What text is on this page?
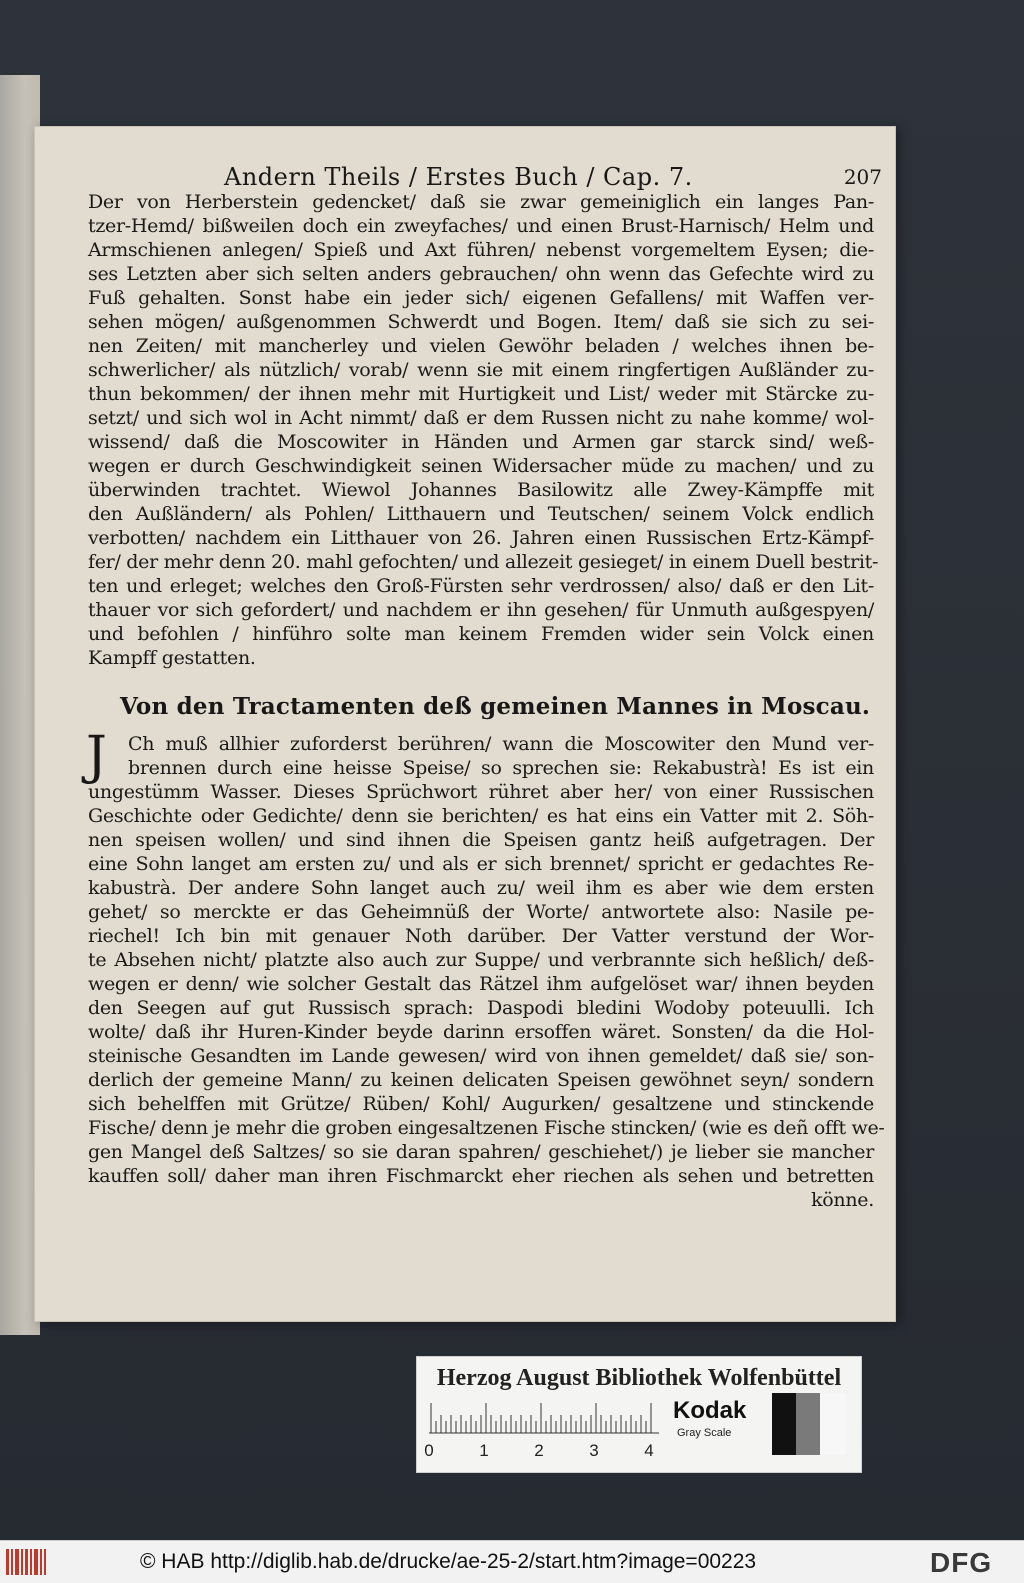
Andern Theils / Erstes Buch / Cap. 7.	207
Der von Herberstein gedencket/ daß sie zwar gemeiniglich ein langes Pan-
tzer-Hemd/ bißweilen doch ein zweyfaches/ und einen Brust-Harnisch/ Helm und
Armschienen anlegen/ Spieß und Axt führen/ nebenst vorgemeltem Eysen; die-
ses Letzten aber sich selten anders gebrauchen/ ohn wenn das Gefechte wird zu
Fuß gehalten. Sonst habe ein jeder sich/ eigenen Gefallens/ mit Waffen ver-
sehen mögen/ außgenommen Schwerdt und Bogen. Item/ daß sie sich zu sei-
nen Zeiten/ mit mancherley und vielen Gewöhr beladen / welches ihnen be-
schwerlicher/ als nützlich/ vorab/ wenn sie mit einem ringfertigen Außländer zu-
thun bekommen/ der ihnen mehr mit Hurtigkeit und List/ weder mit Stärcke zu-
setzt/ und sich wol in Acht nimmt/ daß er dem Russen nicht zu nahe komme/ wol-
wissend/ daß die Moscowiter in Händen und Armen gar starck sind/ weß-
wegen er durch Geschwindigkeit seinen Widersacher müde zu machen/ und zu
überwinden trachtet. Wiewol Johannes Basilowitz alle Zwey-Kämpffe mit
den Außländern/ als Pohlen/ Litthauern und Teutschen/ seinem Volck endlich
verbotten/ nachdem ein Litthauer von 26. Jahren einen Russischen Ertz-Kämpf-
fer/ der mehr denn 20. mahl gefochten/ und allezeit gesieget/ in einem Duell bestrit-
ten und erleget; welches den Groß-Fürsten sehr verdrossen/ also/ daß er den Lit-
thauer vor sich gefordert/ und nachdem er ihn gesehen/ für Unmuth außgespyen/
und befohlen / hinführo solte man keinem Fremden wider sein Volck einen
Kampff gestatten.
Von den Tractamenten deß gemeinen Mannes in Moscau.
J	Ch muß allhier zuforderst berühren/ wann die Moscowiter den Mund ver-
brennen durch eine heisse Speise/ so sprechen sie: Rekabustrà! Es ist ein
ungestümm Wasser. Dieses Sprüchwort rühret aber her/ von einer Russischen
Geschichte oder Gedichte/ denn sie berichten/ es hat eins ein Vatter mit 2. Söh-
nen speisen wollen/ und sind ihnen die Speisen gantz heiß aufgetragen. Der
eine Sohn langet am ersten zu/ und als er sich brennet/ spricht er gedachtes Re-
kabustrà. Der andere Sohn langet auch zu/ weil ihm es aber wie dem ersten
gehet/ so merckte er das Geheimnüß der Worte/ antwortete also: Nasile pe-
riechel! Ich bin mit genauer Noth darüber. Der Vatter verstund der Wor-
te Absehen nicht/ platzte also auch zur Suppe/ und verbrannte sich heßlich/ deß-
wegen er denn/ wie solcher Gestalt das Rätzel ihm aufgelöset war/ ihnen beyden
den Seegen auf gut Russisch sprach: Daspodi bledini Wodoby poteuulli. Ich
wolte/ daß ihr Huren-Kinder beyde darinn ersoffen wäret. Sonsten/ da die Hol-
steinische Gesandten im Lande gewesen/ wird von ihnen gemeldet/ daß sie/ son-
derlich der gemeine Mann/ zu keinen delicaten Speisen gewöhnet seyn/ sondern
sich behelffen mit Grütze/ Rüben/ Kohl/ Augurken/ gesaltzene und stinckende
Fische/ denn je mehr die groben eingesaltzenen Fische stincken/ (wie es deñ offt we-
gen Mangel deß Saltzes/ so sie daran spahren/ geschiehet/) je lieber sie mancher
kauffen soll/ daher man ihren Fischmarckt eher riechen als sehen und betretten
könne.
Herzog August Bibliothek Wolfenbüttel
0	1	2	3	4
Kodak
Gray Scale
© HAB http://diglib.hab.de/drucke/ae-25-2/start.htm?image=00223	DFG
